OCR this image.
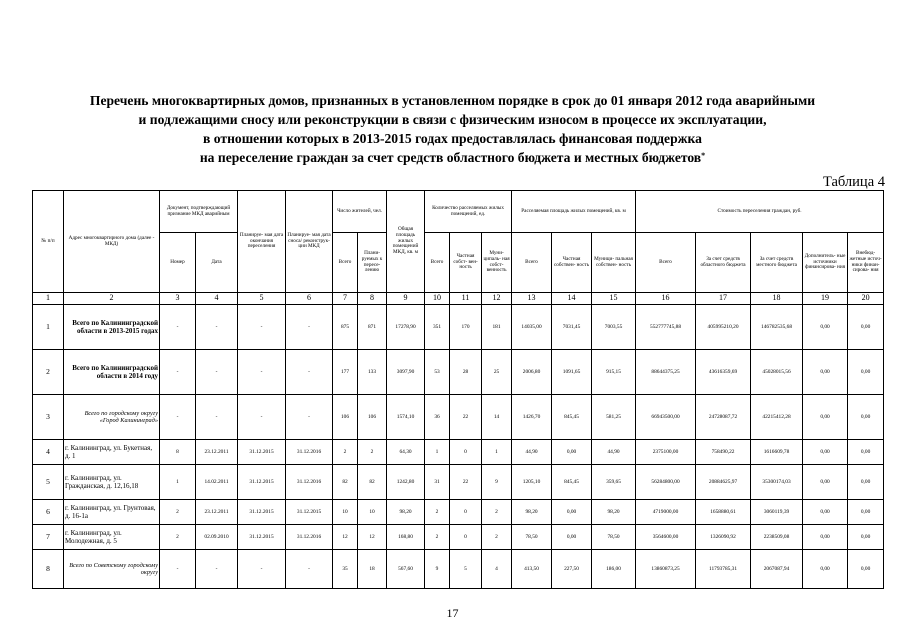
Перечень многоквартирных домов, признанных в установленном порядке в срок до 01 января 2012 года аварийными
и подлежащими сносу или реконструкции в связи с физическим износом в процессе их эксплуатации,
в отношении которых в 2013-2015 годах предоставлялась финансовая поддержка
на переселение граждан за счет средств областного бюджета и местных бюджетов*
Таблица 4
№ п/п	Адрес многоквартирного дома (далее - МКД)	Документ, подтверждающий признание МКД аварийным		Планируе- мая дата окончания переселения	Планируе- мая дата сноса/ реконструк- ции МКД	Число жителей, чел.		Общая площадь жилых помещений МКД, кв. м	Количество расселяемых жилых помещений, ед.			Расселяемая площадь жилых помещений, кв. м			Стоимость переселения граждан, руб.				
		Номер	Дата			Всего	Плани- руемых к пересе- лению		Всего	Частная собст- вен- ность	Муни- ципаль- ная собст- венность	Всего	Частная собствен- ность	Муници- пальная собствен- ность	Всего	За счет средств областного бюджета	За счет средств местного бюджета	Дополнитель- ные источники финансирова- ния	Внебюд- жетные источ- ники финан- сирова- ния
1	2	3	4	5	6	7	8	9	10	11	12	13	14	15	16	17	18	19	20
1	Всего по Калининградской области в 2013-2015 годах	-	-	-	-	875	871	17278,90	351	170	181	14035,00	7031,45	7003,55	552777745,88	405995210,20	146782535,68	0,00	0,00
2	Всего по Калининградской области в 2014 году	-	-	-	-	177	133	3097,90	53	28	25	2006,80	1091,65	915,15	88644375,25	43616359,69	45028015,56	0,00	0,00
3	Всего по городскому округу «Город Калининград»	-	-	-	-	106	106	1574,10	36	22	14	1426,70	845,45	581,25	66943500,00	24728087,72	42215412,28	0,00	0,00
4	г. Калининград, ул. Букетная, д. 1	8	23.12.2011	31.12.2015	31.12.2016	2	2	64,30	1	0	1	44,90	0,00	44,90	2375100,00	758490,22	1616609,78	0,00	0,00
5	г. Калининград, ул. Гражданская, д. 12,16,18	1	14.02.2011	31.12.2015	31.12.2016	82	82	1242,80	31	22	9	1205,10	845,45	359,65	56284800,00	20884625,97	35300174,03	0,00	0,00
6	г. Калининград, ул. Грунтовая, д. 16-1а	2	23.12.2011	31.12.2015	31.12.2015	10	10	98,20	2	0	2	98,20	0,00	98,20	4719000,00	1658880,61	3060119,39	0,00	0,00
7	г. Калининград, ул. Молодежная, д. 5	2	02.09.2010	31.12.2015	31.12.2016	12	12	168,80	2	0	2	78,50	0,00	78,50	3564600,00	1326090,92	2238509,08	0,00	0,00
8	Всего по Советскому городскому округу	-	-	-	-	35	18	567,60	9	5	4	413,50	227,50	186,00	13860873,25	11793785,31	2067087,94	0,00	0,00
17
